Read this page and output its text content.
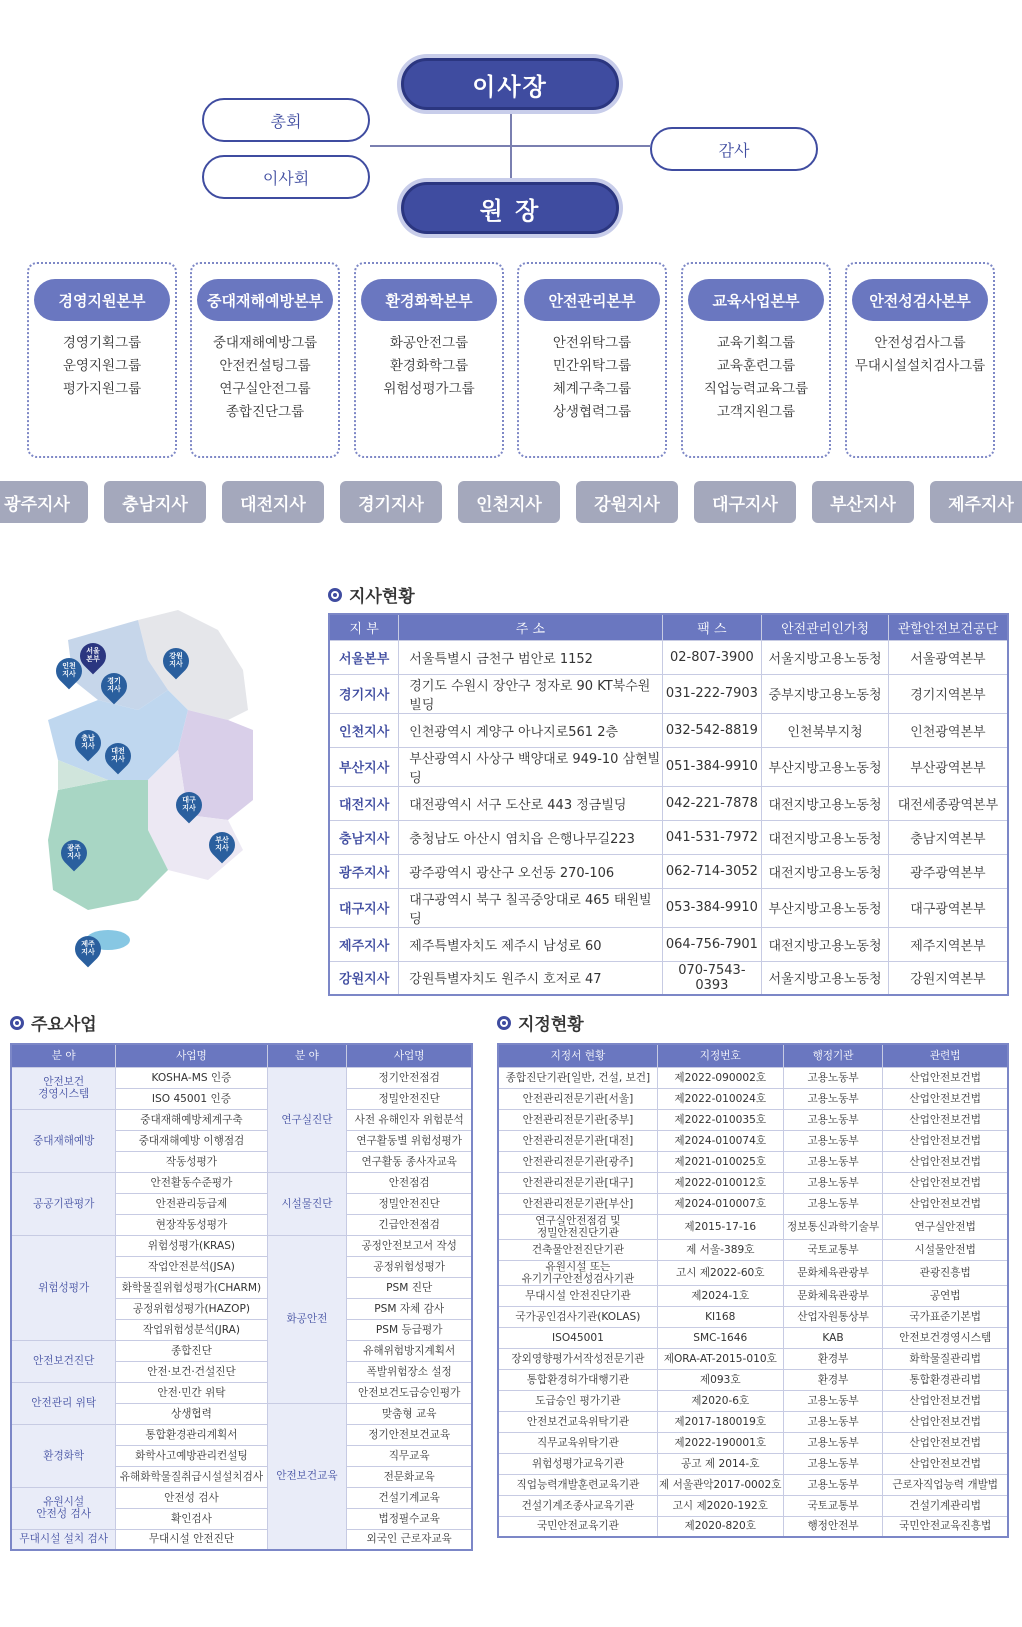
이사장
총회
이사회
감사
원 장
경영지원본부
경영기획그룹
운영지원그룹
평가지원그룹
중대재해예방본부
중대재해예방그룹
안전컨설팅그룹
연구실안전그룹
종합진단그룹
환경화학본부
화공안전그룹
환경화학그룹
위험성평가그룹
안전관리본부
안전위탁그룹
민간위탁그룹
체계구축그룹
상생협력그룹
교육사업본부
교육기획그룹
교육훈련그룹
직업능력교육그룹
고객지원그룹
안전성검사본부
안전성검사그룹
무대시설설치검사그룹
광주지사	충남지사	대전지사	경기지사	인천지사	강원지사	대구지사	부산지사	제주지사
서울
본부
인천
지사
경기
지사
강원
지사
충남
지사
대전
지사
대구
지사
부산
지사
광주
지사
제주
지사
지사현황
지 부	주 소	팩 스	안전관리인가청	관할안전보건공단
서울본부	서울특별시 금천구 범안로 1152	02-807-3900	서울지방고용노동청	서울광역본부
경기지사	경기도 수원시 장안구 정자로 90 KT북수원빌딩	031-222-7903	중부지방고용노동청	경기지역본부
인천지사	인천광역시 계양구 아나지로561 2층	032-542-8819	인천북부지청	인천광역본부
부산지사	부산광역시 사상구 백양대로 949-10 삼현빌딩	051-384-9910	부산지방고용노동청	부산광역본부
대전지사	대전광역시 서구 도산로 443 정금빌딩	042-221-7878	대전지방고용노동청	대전세종광역본부
충남지사	충청남도 아산시 염치읍 은행나무길223	041-531-7972	대전지방고용노동청	충남지역본부
광주지사	광주광역시 광산구 오선동 270-106	062-714-3052	대전지방고용노동청	광주광역본부
대구지사	대구광역시 북구 칠곡중앙대로 465 태원빌딩	053-384-9910	부산지방고용노동청	대구광역본부
제주지사	제주특별자치도 제주시 남성로 60	064-756-7901	대전지방고용노동청	제주지역본부
강원지사	강원특별자치도 원주시 호저로 47	070-7543-0393	서울지방고용노동청	강원지역본부
주요사업
분 야	사업명	분 야	사업명
안전보건
경영시스템	KOSHA-MS 인증	연구실진단	정기안전점검
	ISO 45001 인증		정밀안전진단
중대재해예방	중대재해예방체계구축		사전 유해인자 위험분석
	중대재해예방 이행점검		연구활동별 위험성평가
	작동성평가		연구활동 종사자교육
공공기관평가	안전활동수준평가	시설물진단	안전점검
	안전관리등급제		정밀안전진단
	현장작동성평가		긴급안전점검
위험성평가	위험성평가(KRAS)	화공안전	공정안전보고서 작성
	작업안전분석(JSA)		공정위험성평가
	화학물질위험성평가(CHARM)		PSM 진단
	공정위험성평가(HAZOP)		PSM 자체 감사
	작업위험성분석(JRA)		PSM 등급평가
안전보건진단	종합진단		유해위험방지계획서
	안전·보건·건설진단		폭발위험장소 설정
안전관리 위탁	안전·민간 위탁		안전보건도급승인평가
	상생협력	안전보건교육	맞춤형 교육
환경화학	통합환경관리계획서		정기안전보건교육
	화학사고예방관리컨설팅		직무교육
	유해화학물질취급시설설치검사		전문화교육
유원시설
안전성 검사	안전성 검사		건설기계교육
	확인검사		법정필수교육
무대시설 설치 검사	무대시설 안전진단		외국인 근로자교육
지정현황
지정서 현황	지정번호	행정기관	관련법
종합진단기관[일반, 건설, 보건]	제2022-090002호	고용노동부	산업안전보건법
안전관리전문기관[서울]	제2022-010024호	고용노동부	산업안전보건법
안전관리전문기관[중부]	제2022-010035호	고용노동부	산업안전보건법
안전관리전문기관[대전]	제2024-010074호	고용노동부	산업안전보건법
안전관리전문기관[광주]	제2021-010025호	고용노동부	산업안전보건법
안전관리전문기관[대구]	제2022-010012호	고용노동부	산업안전보건법
안전관리전문기관[부산]	제2024-010007호	고용노동부	산업안전보건법
연구실안전점검 및
정밀안전진단기관	제2015-17-16	정보통신과학기술부	연구실안전법
건축물안전진단기관	제 서울-389호	국토교통부	시설물안전법
유원시설 또는
유기기구안전성검사기관	고시 제2022-60호	문화체육관광부	관광진흥법
무대시설 안전진단기관	제2024-1호	문화체육관광부	공연법
국가공인검사기관(KOLAS)	KI168	산업자원통상부	국가표준기본법
ISO45001	SMC-1646	KAB	안전보건경영시스템
장외영향평가서작성전문기관	제ORA-AT-2015-010호	환경부	화학물질관리법
통합환경허가대행기관	제093호	환경부	통합환경관리법
도급승인 평가기관	제2020-6호	고용노동부	산업안전보건법
안전보건교육위탁기관	제2017-180019호	고용노동부	산업안전보건법
직무교육위탁기관	제2022-190001호	고용노동부	산업안전보건법
위험성평가교육기관	공고 제 2014-호	고용노동부	산업안전보건법
직업능력개발훈련교육기관	제 서울관악2017-0002호	고용노동부	근로자직업능력 개발법
건설기계조종사교육기관	고시 제2020-192호	국토교통부	건설기계관리법
국민안전교육기관	제2020-820호	행정안전부	국민안전교육진흥법
